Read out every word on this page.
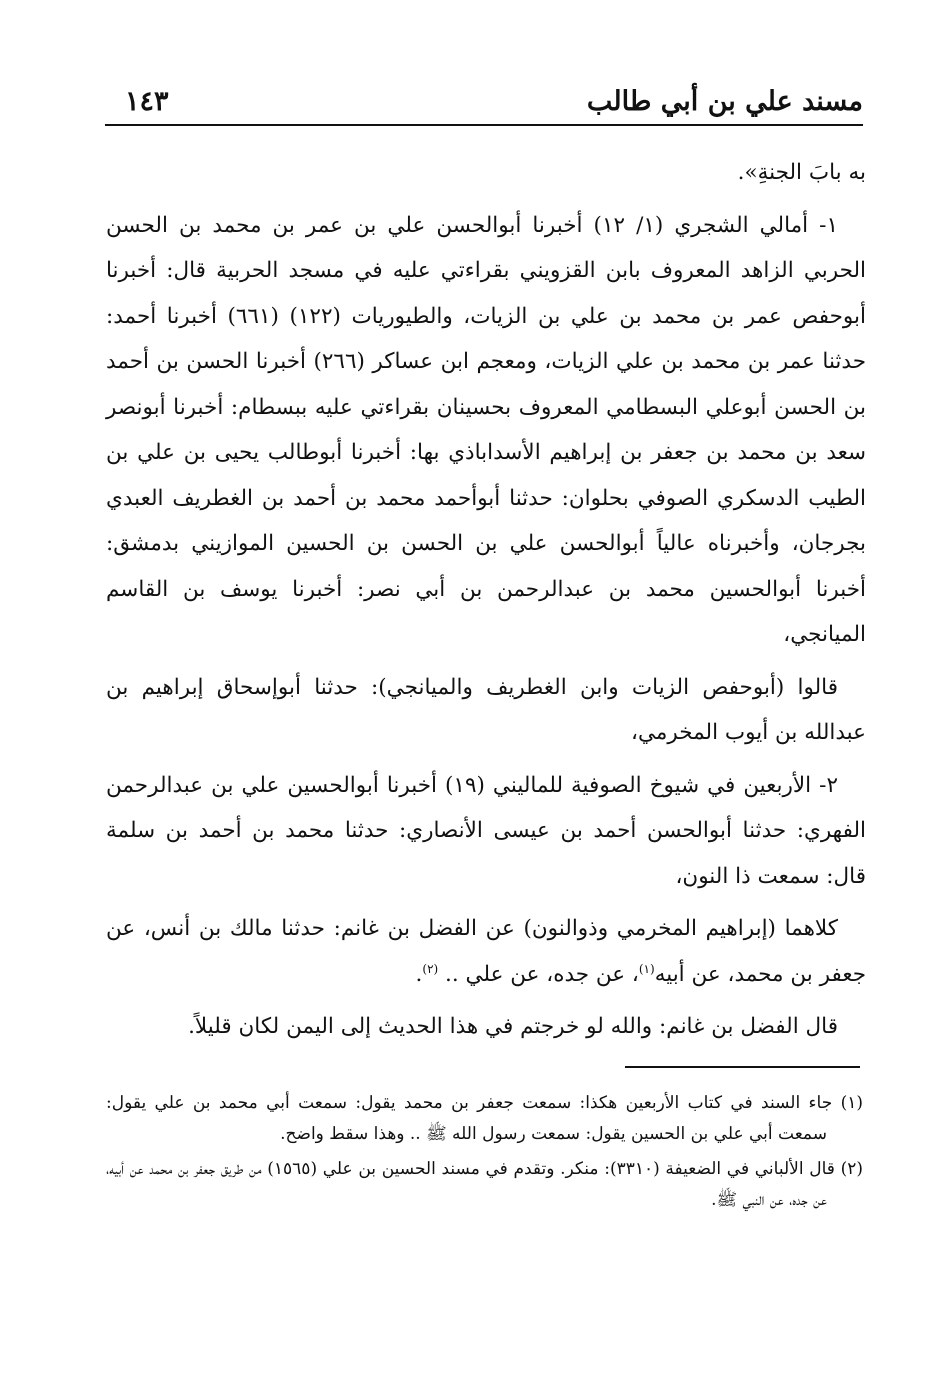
مسند علي بن أبي طالب
١٤٣

به بابَ الجنةِ».

١- أمالي الشجري (١/ ١٢) أخبرنا أبوالحسن علي بن عمر بن محمد بن الحسن الحربي الزاهد المعروف بابن القزويني بقراءتي عليه في مسجد الحربية قال: أخبرنا أبوحفص عمر بن محمد بن علي بن الزيات، والطيوريات (١٢٢) (٦٦١) أخبرنا أحمد: حدثنا عمر بن محمد بن علي الزيات، ومعجم ابن عساكر (٢٦٦) أخبرنا الحسن بن أحمد بن الحسن أبوعلي البسطامي المعروف بحسينان بقراءتي عليه ببسطام: أخبرنا أبونصر سعد بن محمد بن جعفر بن إبراهيم الأسداباذي بها: أخبرنا أبوطالب يحيى بن علي بن الطيب الدسكري الصوفي بحلوان: حدثنا أبوأحمد محمد بن أحمد بن الغطريف العبدي بجرجان، وأخبرناه عالياً أبوالحسن علي بن الحسن بن الحسين الموازيني بدمشق: أخبرنا أبوالحسين محمد بن عبدالرحمن بن أبي نصر: أخبرنا يوسف بن القاسم الميانجي،

قالوا (أبوحفص الزيات وابن الغطريف والميانجي): حدثنا أبوإسحاق إبراهيم بن عبدالله بن أيوب المخرمي،

٢- الأربعين في شيوخ الصوفية للماليني (١٩) أخبرنا أبوالحسين علي بن عبدالرحمن الفهري: حدثنا أبوالحسن أحمد بن عيسى الأنصاري: حدثنا محمد بن أحمد بن سلمة قال: سمعت ذا النون،

كلاهما (إبراهيم المخرمي وذوالنون) عن الفضل بن غانم: حدثنا مالك بن أنس، عن جعفر بن محمد، عن أبيه$^{(١)}$، عن جده، عن علي .. $^{(٢)}$.

قال الفضل بن غانم: والله لو خرجتم في هذا الحديث إلى اليمن لكان قليلاً.

(١) جاء السند في كتاب الأربعين هكذا: سمعت جعفر بن محمد يقول: سمعت أبي محمد بن علي يقول: سمعت أبي علي بن الحسين يقول: سمعت رسول الله ﷺ .. وهذا سقط واضح.

(٢) قال الألباني في الضعيفة (٣٣١٠): منكر. وتقدم في مسند الحسين بن علي (١٥٦٥) من طريق جعفر بن محمد عن أبيه، عن جده، عن النبي ﷺ.
